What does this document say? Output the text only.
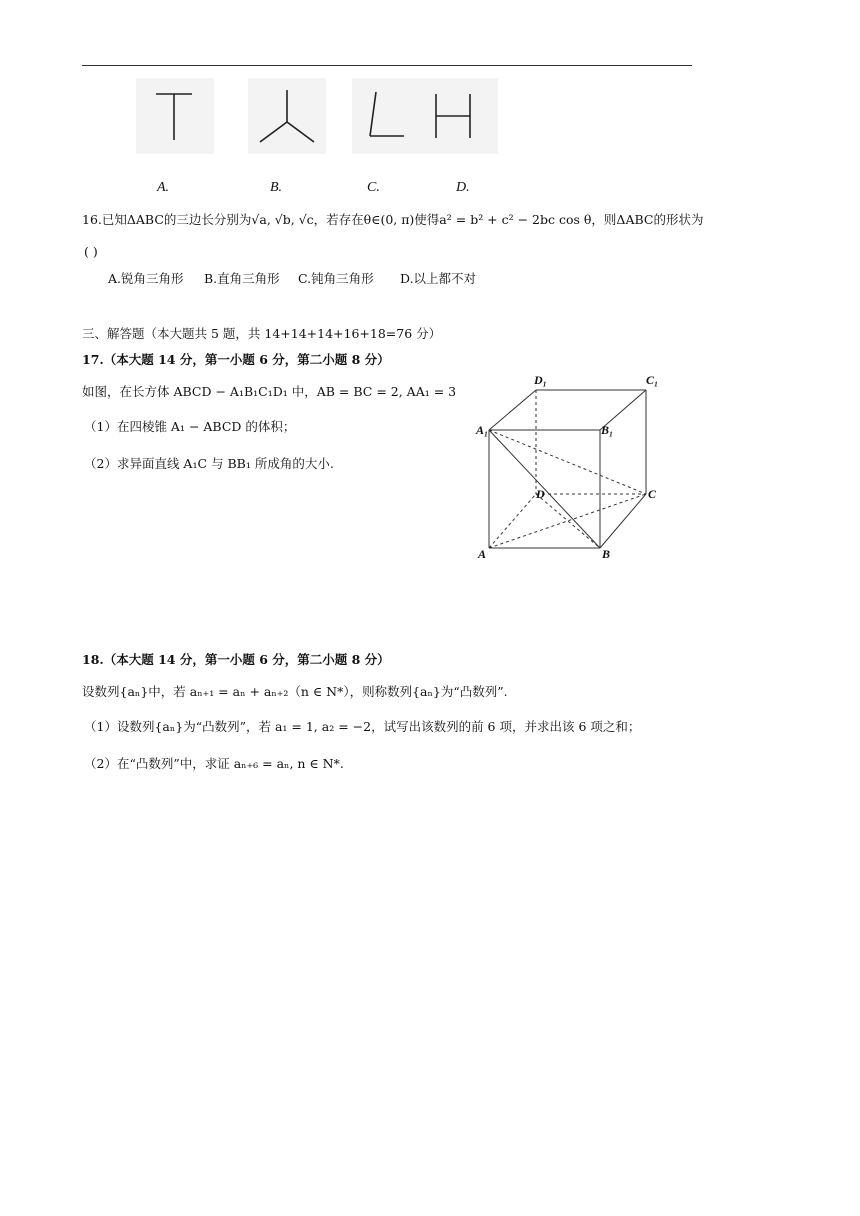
A.	B.	C.	D.
16.已知ΔABC的三边长分别为√a, √b, √c，若存在θ∈(0, π)使得a² = b² + c² − 2bc cos θ，则ΔABC的形状为
( )
A.锐角三角形 B.直角三角形 C.钝角三角形 D.以上都不对
三、解答题（本大题共 5 题，共 14+14+14+16+18=76 分）
17.（本大题 14 分，第一小题 6 分，第二小题 8 分）
如图，在长方体 ABCD − A₁B₁C₁D₁ 中，AB = BC = 2, AA₁ = 3
（1）在四棱锥 A₁ − ABCD 的体积；
（2）求异面直线 A₁C 与 BB₁ 所成角的大小.
D₁	C₁
A₁	B₁
D	C
A	B
18.（本大题 14 分，第一小题 6 分，第二小题 8 分）
设数列{aₙ}中，若 aₙ₊₁ = aₙ + aₙ₊₂（n ∈ N*），则称数列{aₙ}为“凸数列”.
（1）设数列{aₙ}为“凸数列”，若 a₁ = 1, a₂ = −2，试写出该数列的前 6 项，并求出该 6 项之和；
（2）在“凸数列”中，求证 aₙ₊₆ = aₙ, n ∈ N*.
